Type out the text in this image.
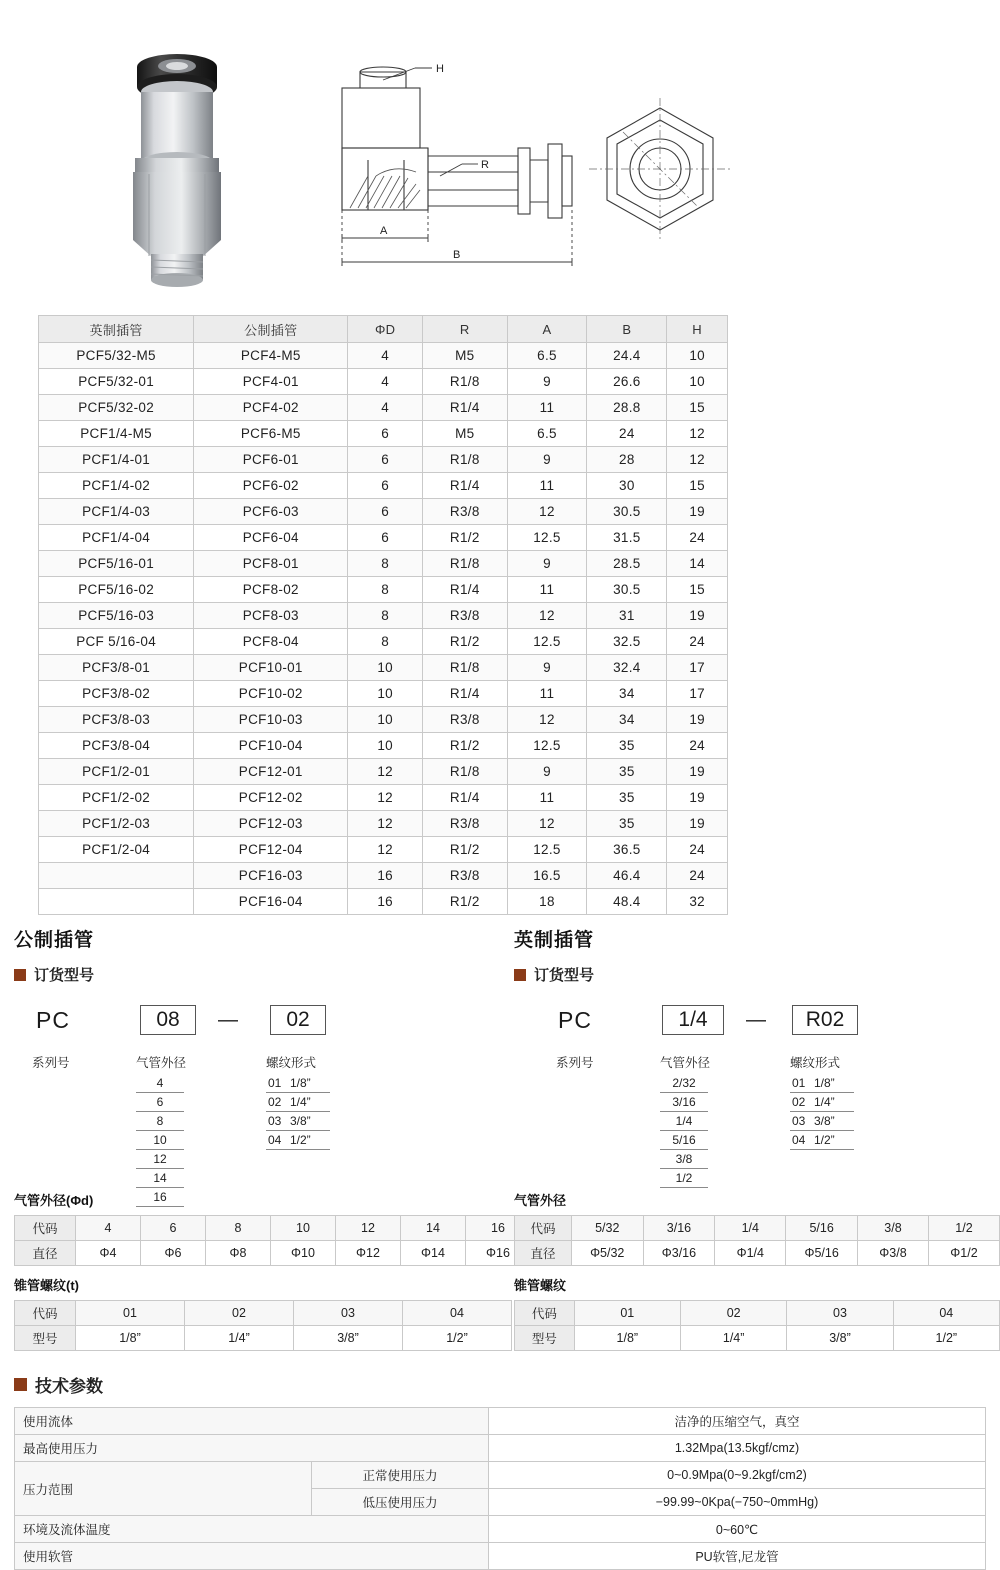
H
R
A
B
英制插管	公制插管	ΦD	R	A	B	H
PCF5/32-M5	PCF4-M5	4	M5	6.5	24.4	10
PCF5/32-01	PCF4-01	4	R1/8	9	26.6	10
PCF5/32-02	PCF4-02	4	R1/4	11	28.8	15
PCF1/4-M5	PCF6-M5	6	M5	6.5	24	12
PCF1/4-01	PCF6-01	6	R1/8	9	28	12
PCF1/4-02	PCF6-02	6	R1/4	11	30	15
PCF1/4-03	PCF6-03	6	R3/8	12	30.5	19
PCF1/4-04	PCF6-04	6	R1/2	12.5	31.5	24
PCF5/16-01	PCF8-01	8	R1/8	9	28.5	14
PCF5/16-02	PCF8-02	8	R1/4	11	30.5	15
PCF5/16-03	PCF8-03	8	R3/8	12	31	19
PCF 5/16-04	PCF8-04	8	R1/2	12.5	32.5	24
PCF3/8-01	PCF10-01	10	R1/8	9	32.4	17
PCF3/8-02	PCF10-02	10	R1/4	11	34	17
PCF3/8-03	PCF10-03	10	R3/8	12	34	19
PCF3/8-04	PCF10-04	10	R1/2	12.5	35	24
PCF1/2-01	PCF12-01	12	R1/8	9	35	19
PCF1/2-02	PCF12-02	12	R1/4	11	35	19
PCF1/2-03	PCF12-03	12	R3/8	12	35	19
PCF1/2-04	PCF12-04	12	R1/2	12.5	36.5	24
	PCF16-03	16	R3/8	16.5	46.4	24
	PCF16-04	16	R1/2	18	48.4	32
公制插管
订货型号
PC	08	—	02
系列号	气管外径
4
6
8
10
12
14
16
螺纹形式
01 1/8”
02 1/4”
03 3/8”
04 1/2”
英制插管
订货型号
PC	1/4	—	R02
系列号	气管外径
2/32
3/16
1/4
5/16
3/8
1/2
螺纹形式
01 1/8”
02 1/4”
03 3/8”
04 1/2”
气管外径(Φd)
代码	4	6	8	10	12	14	16
直径	Φ4	Φ6	Φ8	Φ10	Φ12	Φ14	Φ16
锥管螺纹(t)
代码	01	02	03	04
型号	1/8”	1/4”	3/8”	1/2”
气管外径
代码	5/32	3/16	1/4	5/16	3/8	1/2
直径	Φ5/32	Φ3/16	Φ1/4	Φ5/16	Φ3/8	Φ1/2
锥管螺纹
代码	01	02	03	04
型号	1/8”	1/4”	3/8”	1/2”
技术参数
使用流体		洁净的压缩空气，真空
最高使用压力		1.32Mpa(13.5kgf/cmz)
压力范围	正常使用压力	0~0.9Mpa(0~9.2kgf/cm2)
	低压使用压力	−99.99~0Kpa(−750~0mmHg)
环境及流体温度		0~60℃
使用软管		PU软管,尼龙管
